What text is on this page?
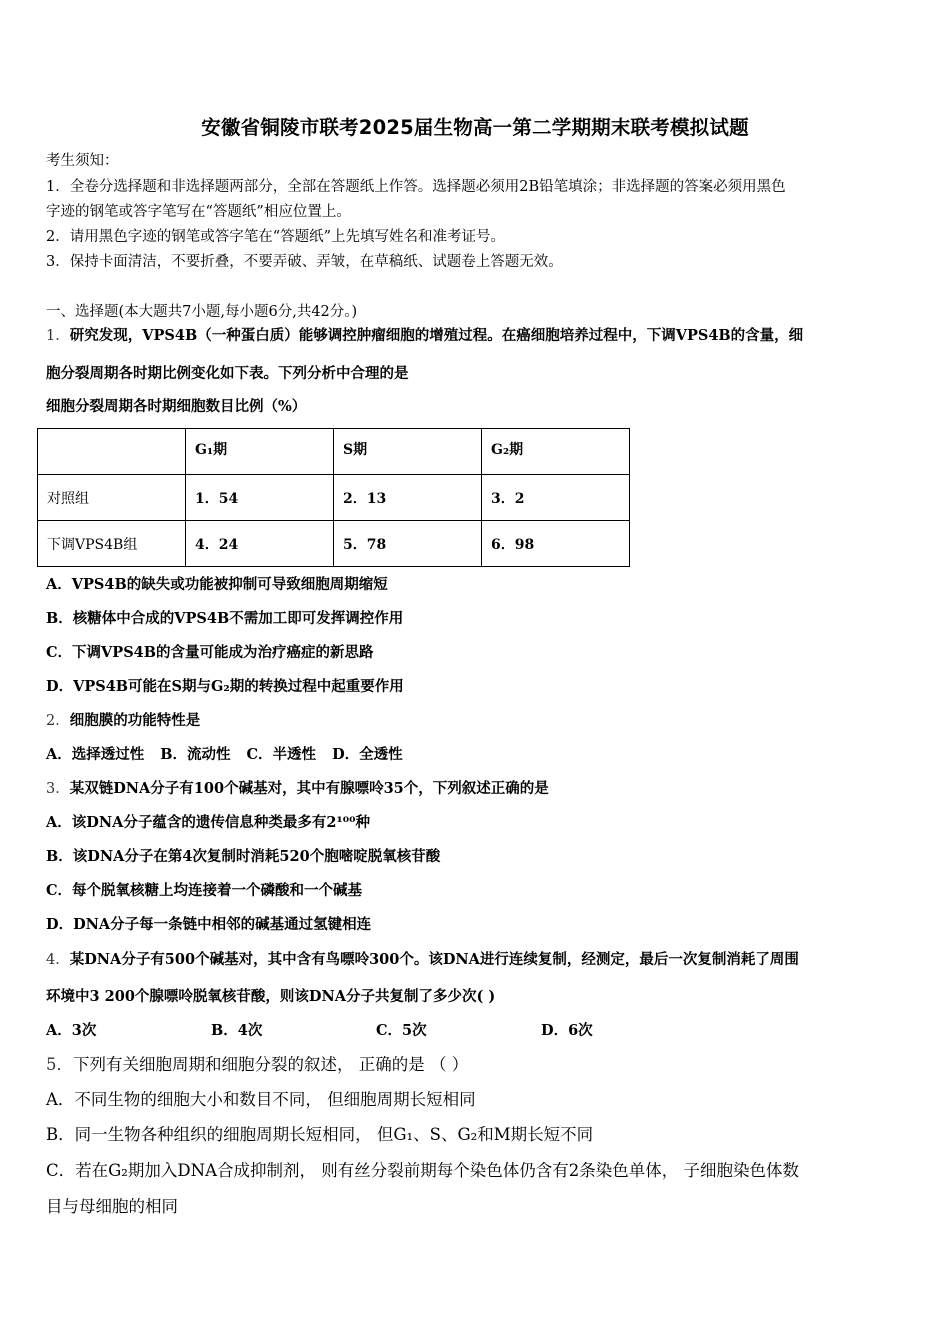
安徽省铜陵市联考2025届生物高一第二学期期末联考模拟试题
考生须知：
1．全卷分选择题和非选择题两部分，全部在答题纸上作答。选择题必须用2B铅笔填涂；非选择题的答案必须用黑色
字迹的钢笔或答字笔写在“答题纸”相应位置上。
2．请用黑色字迹的钢笔或答字笔在“答题纸”上先填写姓名和准考证号。
3．保持卡面清洁，不要折叠，不要弄破、弄皱，在草稿纸、试题卷上答题无效。
一、选择题(本大题共7小题,每小题6分,共42分。)
1．研究发现，VPS4B（一种蛋白质）能够调控肿瘤细胞的增殖过程。在癌细胞培养过程中，下调VPS4B的含量，细
胞分裂周期各时期比例变化如下表。下列分析中合理的是
细胞分裂周期各时期细胞数目比例（%）
	G₁期	S期	G₂期
对照组	1．54	2．13	3．2
下调VPS4B组	4．24	5．78	6．98
A．VPS4B的缺失或功能被抑制可导致细胞周期缩短
B．核糖体中合成的VPS4B不需加工即可发挥调控作用
C．下调VPS4B的含量可能成为治疗癌症的新思路
D．VPS4B可能在S期与G₂期的转换过程中起重要作用
2．细胞膜的功能特性是
A．选择透过性 B．流动性 C．半透性 D．全透性
3．某双链DNA分子有100个碱基对，其中有腺嘌呤35个，下列叙述正确的是
A．该DNA分子蕴含的遗传信息种类最多有2¹⁰⁰种
B．该DNA分子在第4次复制时消耗520个胞嘧啶脱氧核苷酸
C．每个脱氧核糖上均连接着一个磷酸和一个碱基
D．DNA分子每一条链中相邻的碱基通过氢键相连
4．某DNA分子有500个碱基对，其中含有鸟嘌呤300个。该DNA进行连续复制，经测定，最后一次复制消耗了周围
环境中3 200个腺嘌呤脱氧核苷酸，则该DNA分子共复制了多少次( )
A．3次	B．4次	C．5次	D．6次
5．下列有关细胞周期和细胞分裂的叙述， 正确的是 （ ）
A．不同生物的细胞大小和数目不同， 但细胞周期长短相同
B．同一生物各种组织的细胞周期长短相同， 但G₁、S、G₂和M期长短不同
C．若在G₂期加入DNA合成抑制剂， 则有丝分裂前期每个染色体仍含有2条染色单体， 子细胞染色体数
目与母细胞的相同
